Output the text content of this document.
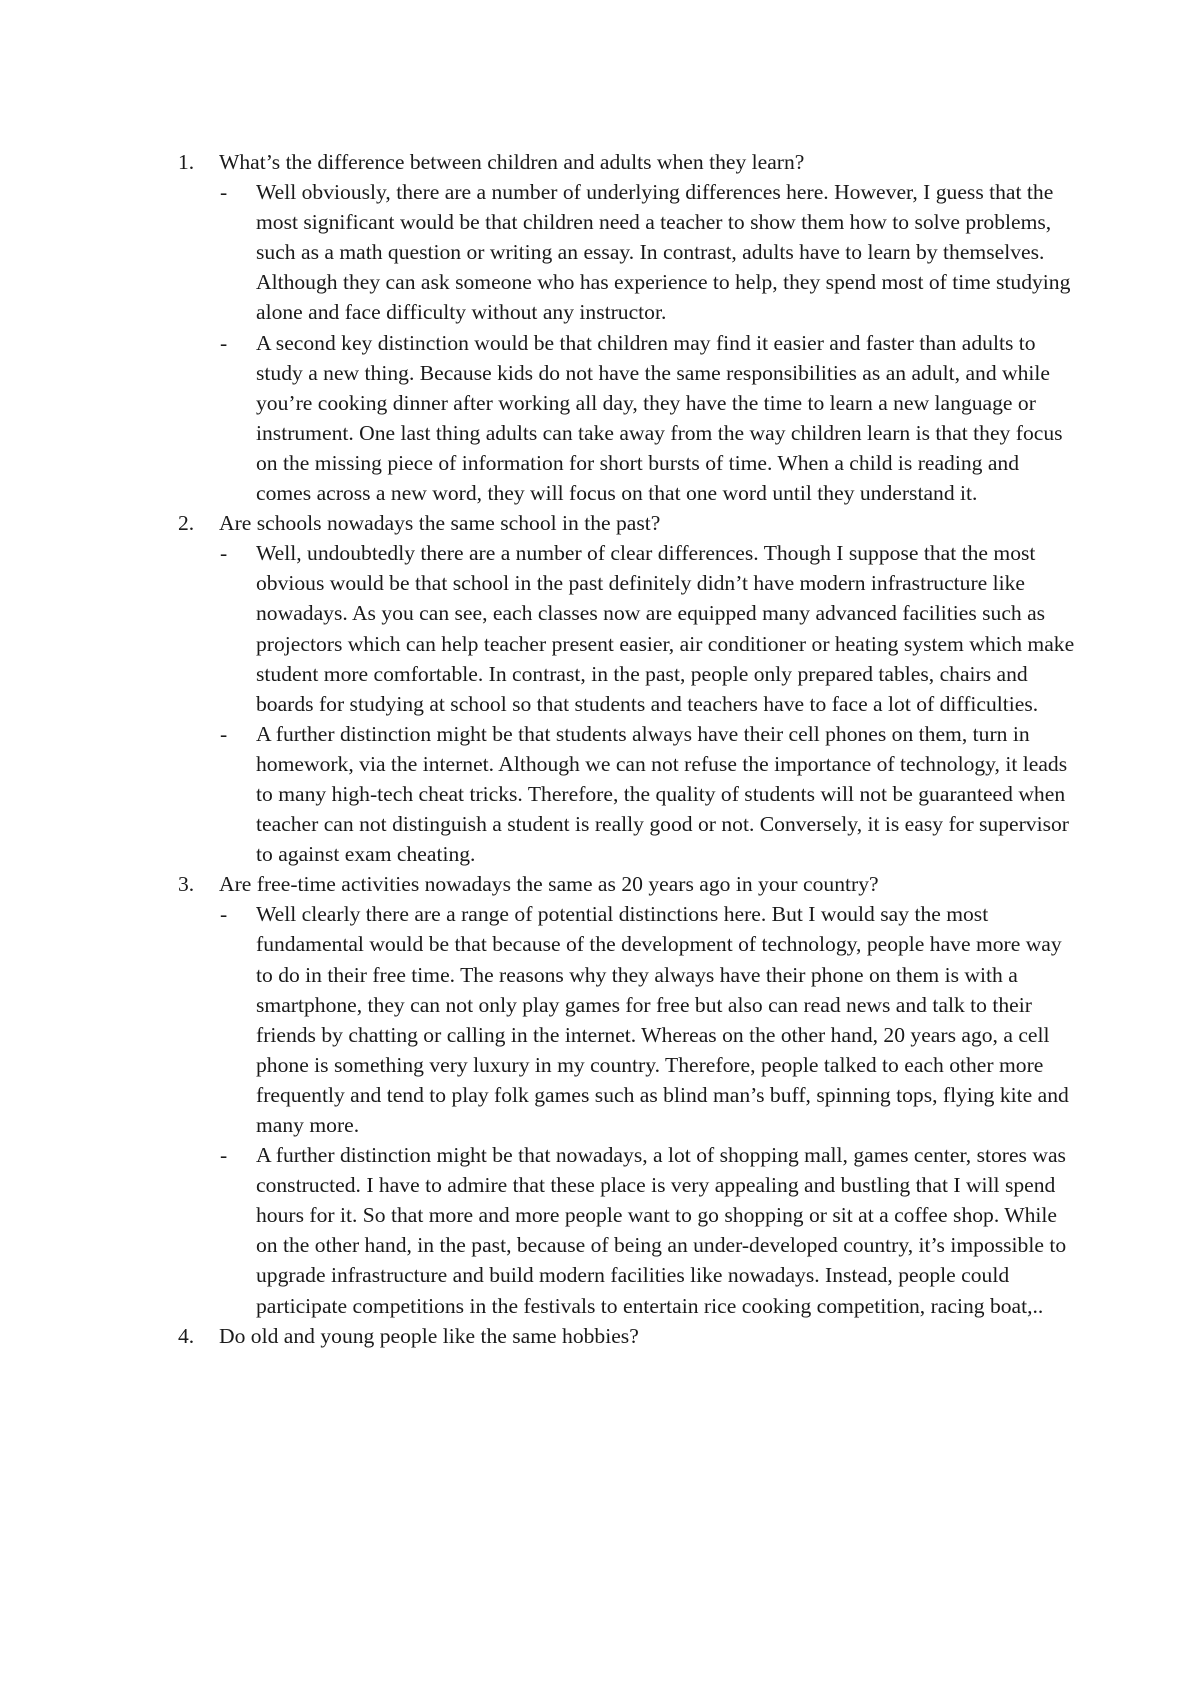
1. What’s the difference between children and adults when they learn?
- Well obviously, there are a number of underlying differences here. However, I guess that the most significant would be that children need a teacher to show them how to solve problems, such as a math question or writing an essay. In contrast, adults have to learn by themselves. Although they can ask someone who has experience to help, they spend most of time studying alone and face difficulty without any instructor.
- A second key distinction would be that children may find it easier and faster than adults to study a new thing. Because kids do not have the same responsibilities as an adult, and while you’re cooking dinner after working all day, they have the time to learn a new language or instrument. One last thing adults can take away from the way children learn is that they focus on the missing piece of information for short bursts of time. When a child is reading and comes across a new word, they will focus on that one word until they understand it.
2. Are schools nowadays the same school in the past?
- Well, undoubtedly there are a number of clear differences. Though I suppose that the most obvious would be that school in the past definitely didn’t have modern infrastructure like nowadays. As you can see, each classes now are equipped many advanced facilities such as projectors which can help teacher present easier, air conditioner or heating system which make student more comfortable. In contrast, in the past, people only prepared tables, chairs and boards for studying at school so that students and teachers have to face a lot of difficulties.
- A further distinction might be that students always have their cell phones on them, turn in homework, via the internet. Although we can not refuse the importance of technology, it leads to many high-tech cheat tricks. Therefore, the quality of students will not be guaranteed when teacher can not distinguish a student is really good or not. Conversely, it is easy for supervisor to against exam cheating.
3. Are free-time activities nowadays the same as 20 years ago in your country?
- Well clearly there are a range of potential distinctions here. But I would say the most fundamental would be that because of the development of technology, people have more way to do in their free time. The reasons why they always have their phone on them is with a smartphone, they can not only play games for free but also can read news and talk to their friends by chatting or calling in the internet. Whereas on the other hand, 20 years ago, a cell phone is something very luxury in my country. Therefore, people talked to each other more frequently and tend to play folk games such as blind man’s buff, spinning tops, flying kite and many more.
- A further distinction might be that nowadays, a lot of shopping mall, games center, stores was constructed. I have to admire that these place is very appealing and bustling that I will spend hours for it. So that more and more people want to go shopping or sit at a coffee shop. While on the other hand, in the past, because of being an under-developed country, it’s impossible to upgrade infrastructure and build modern facilities like nowadays. Instead, people could participate competitions in the festivals to entertain rice cooking competition, racing boat,..
4. Do old and young people like the same hobbies?
